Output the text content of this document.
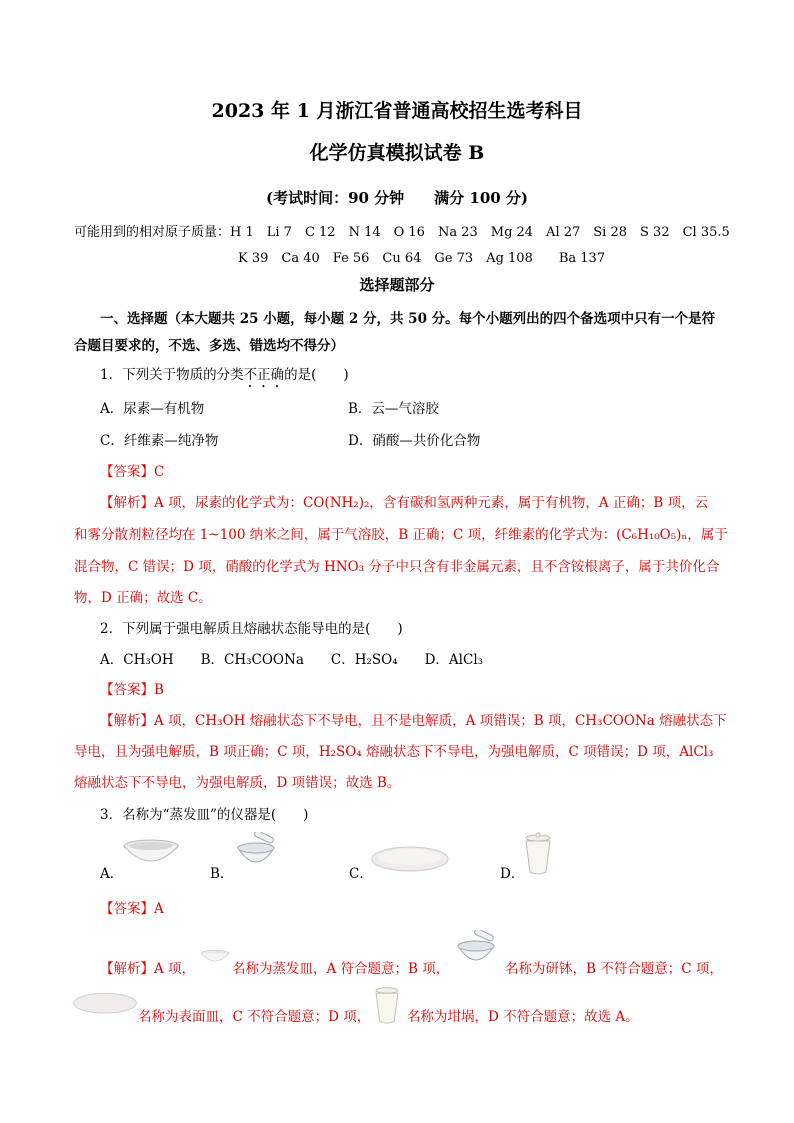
2023 年 1 月浙江省普通高校招生选考科目
化学仿真模拟试卷 B
(考试时间：90 分钟　　满分 100 分)
可能用到的相对原子质量：H 1　Li 7　C 12　N 14　O 16　Na 23　Mg 24　Al 27　Si 28　S 32　Cl 35.5
K 39　Ca 40　Fe 56　Cu 64　Ge 73　Ag 108　　Ba 137
选择题部分
一、选择题（本大题共 25 小题，每小题 2 分，共 50 分。每个小题列出的四个备选项中只有一个是符
合题目要求的，不选、多选、错选均不得分）
1．下列关于物质的分类不正确的是(　　)
A．尿素—有机物	B．云—气溶胶
C．纤维素—纯净物	D．硝酸—共价化合物
【答案】C
【解析】A 项，尿素的化学式为：CO(NH₂)₂，含有碳和氢两种元素，属于有机物，A 正确；B 项，云
和雾分散剂粒径均在 1~100 纳米之间，属于气溶胶，B 正确；C 项，纤维素的化学式为：(C₆H₁₀O₅)ₙ，属于
混合物，C 错误；D 项，硝酸的化学式为 HNO₃ 分子中只含有非金属元素，且不含铵根离子，属于共价化合
物，D 正确；故选 C。
2．下列属于强电解质且熔融状态能导电的是(　　)
A．CH₃OH　　B．CH₃COONa　　C．H₂SO₄　　D．AlCl₃
【答案】B
【解析】A 项，CH₃OH 熔融状态下不导电，且不是电解质，A 项错误；B 项，CH₃COONa 熔融状态下
导电，且为强电解质，B 项正确；C 项，H₂SO₄ 熔融状态下不导电，为强电解质，C 项错误；D 项，AlCl₃
熔融状态下不导电，为强电解质，D 项错误；故选 B。
3．名称为“蒸发皿”的仪器是(　　)
A．	B．	C．	D．
【答案】A
【解析】A 项，	名称为蒸发皿，A 符合题意；B 项，	名称为研钵，B 不符合题意；C 项，
名称为表面皿，C 不符合题意；D 项，	名称为坩埚，D 不符合题意；故选 A。
